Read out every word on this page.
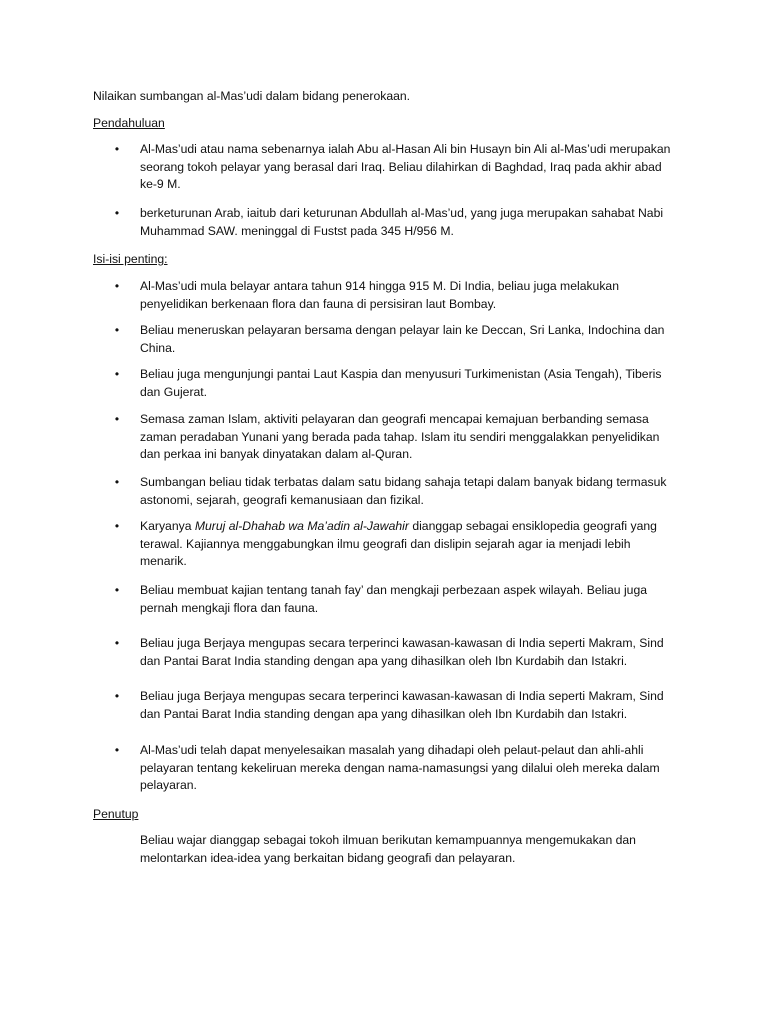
Nilaikan sumbangan al-Mas’udi dalam bidang penerokaan.
Pendahuluan
• Al-Mas’udi atau nama sebenarnya ialah Abu al-Hasan Ali bin Husayn bin Ali al-Mas’udi merupakan seorang tokoh pelayar yang berasal dari Iraq. Beliau dilahirkan di Baghdad, Iraq pada akhir abad ke-9 M.
• berketurunan Arab, iaitub dari keturunan Abdullah al-Mas’ud, yang juga merupakan sahabat Nabi Muhammad SAW. meninggal di Fustst pada 345 H/956 M.
Isi-isi penting:
• Al-Mas’udi mula belayar antara tahun 914 hingga 915 M. Di India, beliau juga melakukan penyelidikan berkenaan flora dan fauna di persisiran laut Bombay.
• Beliau meneruskan pelayaran bersama dengan pelayar lain ke Deccan, Sri Lanka, Indochina dan China.
• Beliau juga mengunjungi pantai Laut Kaspia dan menyusuri Turkimenistan (Asia Tengah), Tiberis dan Gujerat.
• Semasa zaman Islam, aktiviti pelayaran dan geografi mencapai kemajuan berbanding semasa zaman peradaban Yunani yang berada pada tahap. Islam itu sendiri menggalakkan penyelidikan dan perkaa ini banyak dinyatakan dalam al-Quran.
• Sumbangan beliau tidak terbatas dalam satu bidang sahaja tetapi dalam banyak bidang termasuk astonomi, sejarah, geografi kemanusiaan dan fizikal.
• Karyanya Muruj al-Dhahab wa Ma’adin al-Jawahir dianggap sebagai ensiklopedia geografi yang terawal. Kajiannya menggabungkan ilmu geografi dan dislipin sejarah agar ia menjadi lebih menarik.
• Beliau membuat kajian tentang tanah fay’ dan mengkaji perbezaan aspek wilayah. Beliau juga pernah mengkaji flora dan fauna.
• Beliau juga Berjaya mengupas secara terperinci kawasan-kawasan di India seperti Makram, Sind dan Pantai Barat India standing dengan apa yang dihasilkan oleh Ibn Kurdabih dan Istakri.
• Beliau juga Berjaya mengupas secara terperinci kawasan-kawasan di India seperti Makram, Sind dan Pantai Barat India standing dengan apa yang dihasilkan oleh Ibn Kurdabih dan Istakri.
• Al-Mas’udi telah dapat menyelesaikan masalah yang dihadapi oleh pelaut-pelaut dan ahli-ahli pelayaran tentang kekeliruan mereka dengan nama-namasungsi yang dilalui oleh mereka dalam pelayaran.
Penutup
Beliau wajar dianggap sebagai tokoh ilmuan berikutan kemampuannya mengemukakan dan melontarkan idea-idea yang berkaitan bidang geografi dan pelayaran.
